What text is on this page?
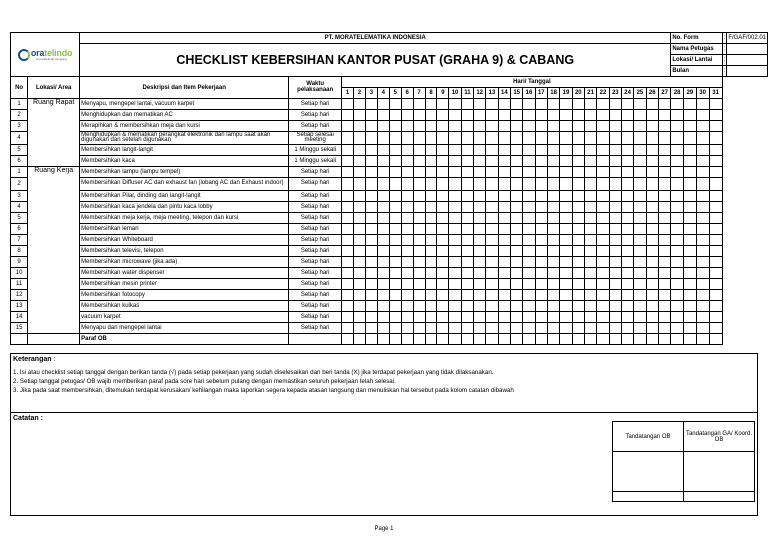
oratelindo
a moratelindo company		PT. MORATELEMATIKA INDONESIA																													No. Form				:	F/GAF/002.01
		CHECKLIST KEBERSIHAN KANTOR PUSAT (GRAHA 9) & CABANG																													Nama Petugas				:	
																															Lokasi/ Lantai				:	
																															Bulan				:	
No	Lokasi/ Area	Deskripsi dan Item Pekerjaan	Waktu pelaksanaan	Hari/ Tanggal																																
				1	2	3	4	5	6	7	8	9	10	11	12	13	14	15	16	17	18	19	20	21	22	23	24	25	26	27	28	29	30	31		
1	Ruang Rapat	Menyapu, mengepel lantai, vacuum karpet	Setiap hari																																	
2		Menghidupkan dan mematikan AC	Setiap hari																																	
3		Merapihkan & membersihkan meja dan kursi	Setiap hari																																	
4		Menghidupkan & mematikan perangkat elektronik dan lampu saat akan digunakan dan setelah digunakan	Setiap selesai meeting																																	
5		Membersihkan langit-langit	1 Minggu sekali																																	
6		Membersihkan kaca	1 Minggu sekali																																	
1	Ruang Kerja	Membersihkan lampu (lampu tempel)	Setiap hari																																	
2		Membersihkan Diffuser AC dan exhaust fan (lobang AC dan Exhaust indoor)	Setiap hari																																	
3		Membersihkan Pilar, dinding dan langit-langit	Setiap hari																																	
4		Membersihkan kaca jendela dan pintu kaca lobby	Setiap hari																																	
5		Membersihkan meja kerja, meja meeting, telepon dan kursi	Setiap hari																																	
6		Membersihkan lemari	Setiap hari																																	
7		Membersihkan Whiteboard	Setiap hari																																	
8		Membersihkan televisi, telepon	Setiap hari																																	
9		Membersihkan microwave (jika ada)	Setiap hari																																	
10		Membersihkan water dispenser	Setiap hari																																	
11		Membersihkan mesin printer	Setiap hari																																	
12		Membersihkan fotocopy	Setiap hari																																	
13		Membersihkan kulkas	Setiap hari																																	
14		vacuum karpet	Setiap hari																																	
15		Menyapu dan mengepel lantai	Setiap hari																																	
		Paraf OB																																		
Keterangan :
1. Isi atau checklist setiap tanggal dengan berikan tanda (√) pada setiap pekerjaan yang sudah diselesaikan dan beri tanda (X) jika terdapat pekerjaan yang tidak dilaksanakan.
2. Setiap tanggal petugas/ OB wajib memberikan paraf pada sore hari sebelum pulang dengan memastikan seluruh pekerjaan telah selesai.
3. Jika pada saat membersihkan, ditemukan terdapat kerusakan/ kehilangan maka laporkan segera kepada atasan langsung dan menuliskan hal tersebut pada kolom catatan dibawah
Catatan :
Tandatangan OB	Tandatangan GA/ Koord. OB

Page 1
